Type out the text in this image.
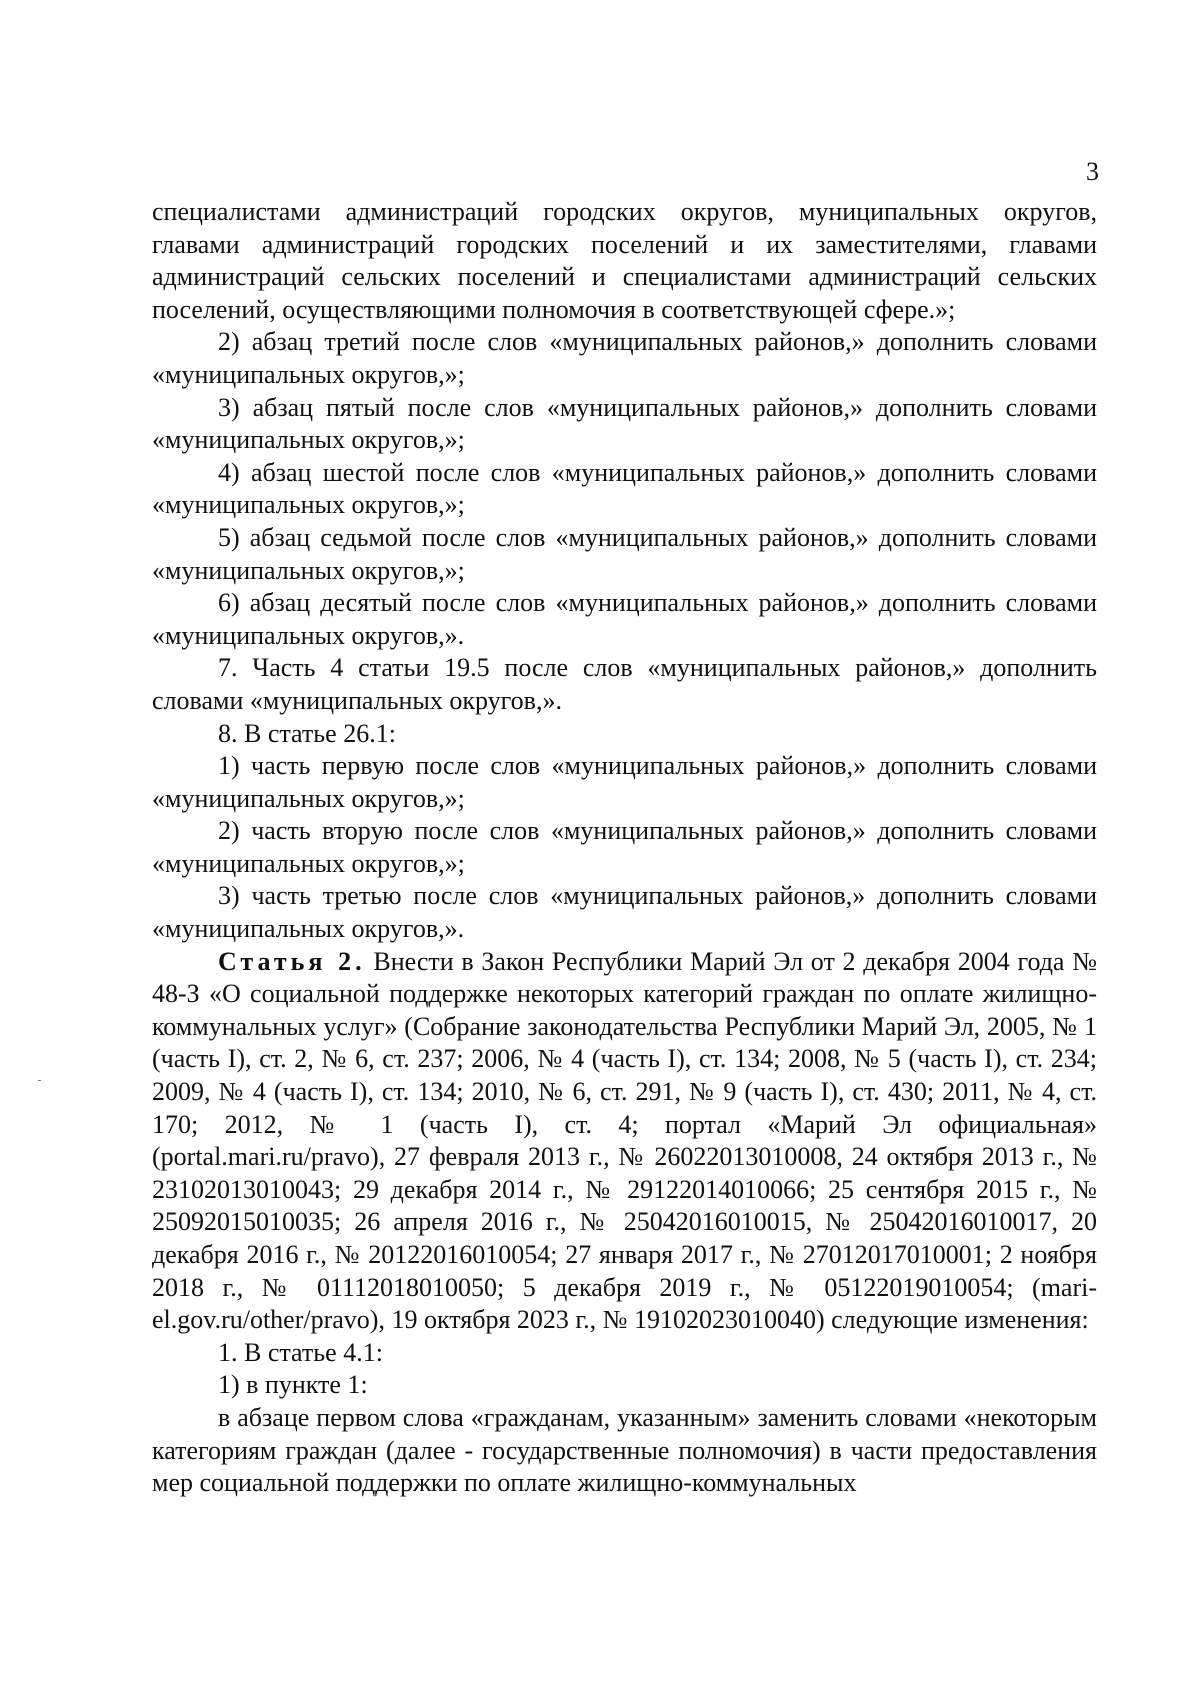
3

специалистами администраций городских округов, муниципальных округов, главами администраций городских поселений и их заместителями, главами администраций сельских поселений и специалистами администраций сельских поселений, осуществляющими полномочия в соответствующей сфере.»;

2) абзац третий после слов «муниципальных районов,» дополнить словами «муниципальных округов,»;

3) абзац пятый после слов «муниципальных районов,» дополнить словами «муниципальных округов,»;

4) абзац шестой после слов «муниципальных районов,» дополнить словами «муниципальных округов,»;

5) абзац седьмой после слов «муниципальных районов,» дополнить словами «муниципальных округов,»;

6) абзац десятый после слов «муниципальных районов,» дополнить словами «муниципальных округов,».

7. Часть 4 статьи 19.5 после слов «муниципальных районов,» дополнить словами «муниципальных округов,».

8. В статье 26.1:

1) часть первую после слов «муниципальных районов,» дополнить словами «муниципальных округов,»;

2) часть вторую после слов «муниципальных районов,» дополнить словами «муниципальных округов,»;

3) часть третью после слов «муниципальных районов,» дополнить словами «муниципальных округов,».

Статья 2. Внести в Закон Республики Марий Эл от 2 декабря 2004 года № 48-З «О социальной поддержке некоторых категорий граждан по оплате жилищно-коммунальных услуг» (Собрание законодательства Республики Марий Эл, 2005, № 1 (часть I), ст. 2, № 6, ст. 237; 2006, № 4 (часть I), ст. 134; 2008, № 5 (часть I), ст. 234; 2009, № 4 (часть I), ст. 134; 2010, № 6, ст. 291, № 9 (часть I), ст. 430; 2011, № 4, ст. 170; 2012, № 1 (часть I), ст. 4; портал «Марий Эл официальная» (portal.mari.ru/pravo), 27 февраля 2013 г., № 26022013010008, 24 октября 2013 г., № 23102013010043; 29 декабря 2014 г., № 29122014010066; 25 сентября 2015 г., № 25092015010035; 26 апреля 2016 г., № 25042016010015, № 25042016010017, 20 декабря 2016 г., № 20122016010054; 27 января 2017 г., № 27012017010001; 2 ноября 2018 г., № 01112018010050; 5 декабря 2019 г., № 05122019010054; (mari-el.gov.ru/other/pravo), 19 октября 2023 г., № 19102023010040) следующие изменения:

1. В статье 4.1:

1) в пункте 1:

в абзаце первом слова «гражданам, указанным» заменить словами «некоторым категориям граждан (далее - государственные полномочия) в части предоставления мер социальной поддержки по оплате жилищно-коммунальных
